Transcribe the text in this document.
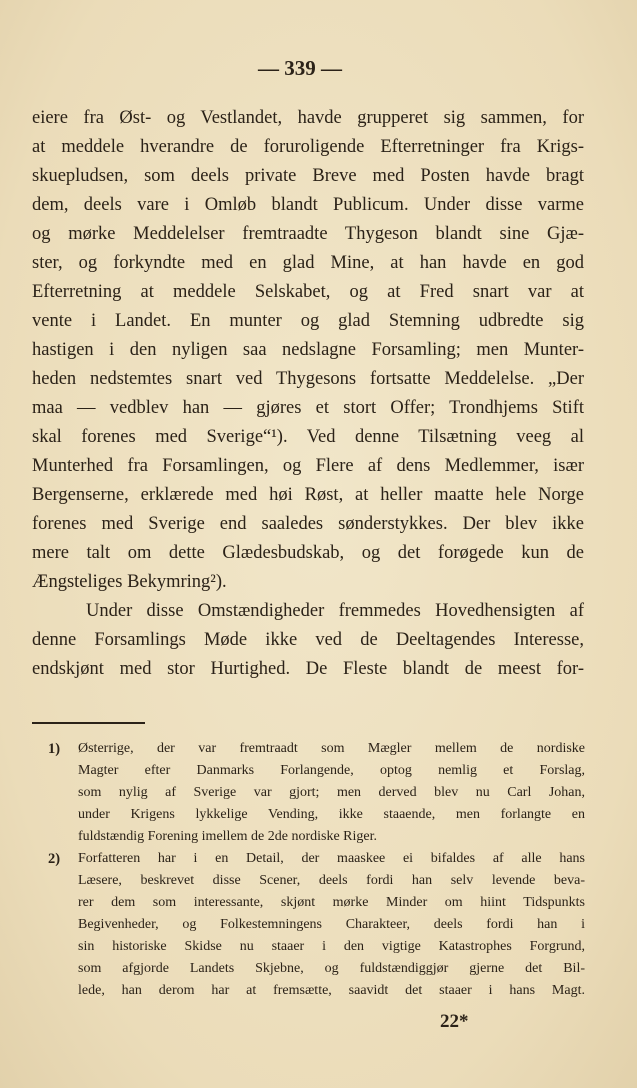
— 339 —
eiere fra Øst- og Vestlandet, havde grupperet sig sammen, for
at meddele hverandre de foruroligende Efterretninger fra Krigs-
skuepludsen, som deels private Breve med Posten havde bragt
dem, deels vare i Omløb blandt Publicum. Under disse varme
og mørke Meddelelser fremtraadte Thygeson blandt sine Gjæ-
ster, og forkyndte med en glad Mine, at han havde en god
Efterretning at meddele Selskabet, og at Fred snart var at
vente i Landet. En munter og glad Stemning udbredte sig
hastigen i den nyligen saa nedslagne Forsamling; men Munter-
heden nedstemtes snart ved Thygesons fortsatte Meddelelse. „Der
maa — vedblev han — gjøres et stort Offer; Trondhjems Stift
skal forenes med Sverige“¹). Ved denne Tilsætning veeg al
Munterhed fra Forsamlingen, og Flere af dens Medlemmer, især
Bergenserne, erklærede med høi Røst, at heller maatte hele Norge
forenes med Sverige end saaledes sønderstykkes. Der blev ikke
mere talt om dette Glædesbudskab, og det forøgede kun de
Ængsteliges Bekymring²).
Under disse Omstændigheder fremmedes Hovedhensigten af
denne Forsamlings Møde ikke ved de Deeltagendes Interesse,
endskjønt med stor Hurtighed. De Fleste blandt de meest for-
1) Østerrige, der var fremtraadt som Mægler mellem de nordiske
Magter efter Danmarks Forlangende, optog nemlig et Forslag,
som nylig af Sverige var gjort; men derved blev nu Carl Johan,
under Krigens lykkelige Vending, ikke staaende, men forlangte en
fuldstændig Forening imellem de 2de nordiske Riger.
2) Forfatteren har i en Detail, der maaskee ei bifaldes af alle hans
Læsere, beskrevet disse Scener, deels fordi han selv levende beva-
rer dem som interessante, skjønt mørke Minder om hiint Tidspunkts
Begivenheder, og Folkestemningens Charakteer, deels fordi han i
sin historiske Skidse nu staaer i den vigtige Katastrophes Forgrund,
som afgjorde Landets Skjebne, og fuldstændiggjør gjerne det Bil-
lede, han derom har at fremsætte, saavidt det staaer i hans Magt.
22*
